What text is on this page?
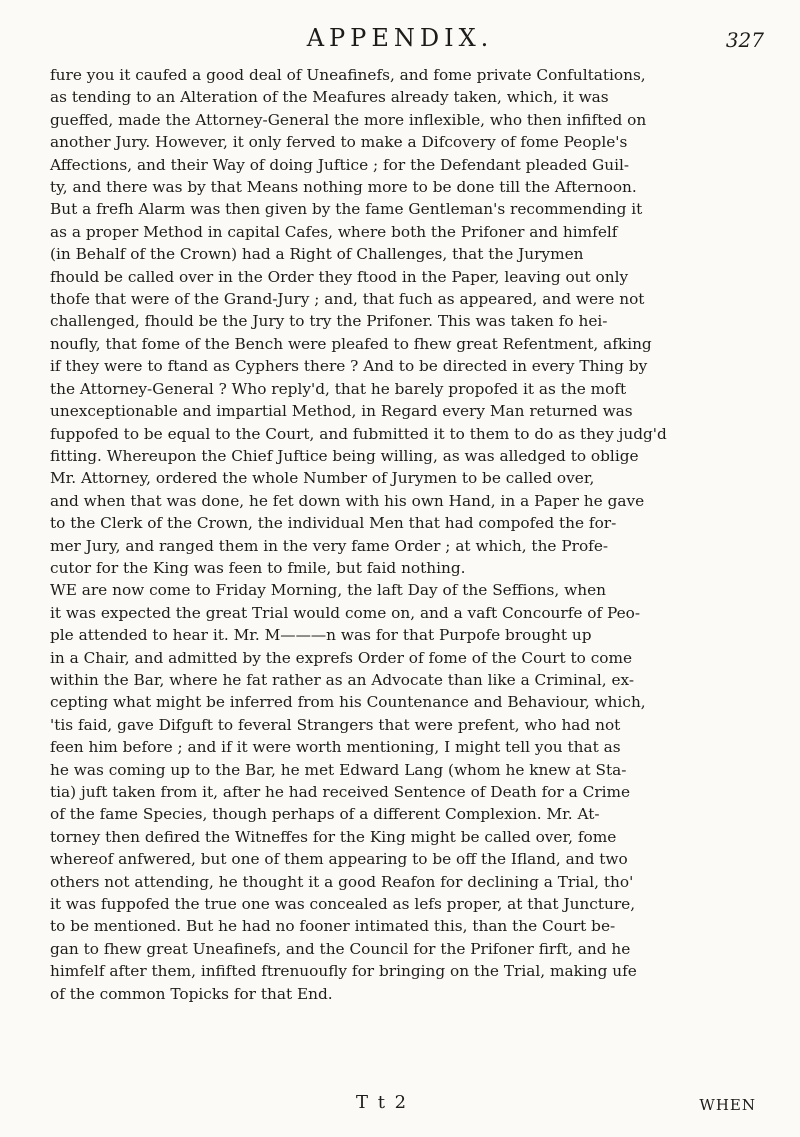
APPENDIX.	327
fure you it caufed a good deal of Uneafinefs, and fome private Confultations,
as tending to an Alteration of the Meafures already taken, which, it was
gueffed, made the Attorney-General the more inflexible, who then infifted on
another Jury. However, it only ferved to make a Difcovery of fome People's
Affections, and their Way of doing Juftice ; for the Defendant pleaded Guil-
ty, and there was by that Means nothing more to be done till the Afternoon.
But a frefh Alarm was then given by the fame Gentleman's recommending it
as a proper Method in capital Cafes, where both the Prifoner and himfelf
(in Behalf of the Crown) had a Right of Challenges, that the Jurymen
fhould be called over in the Order they ftood in the Paper, leaving out only
thofe that were of the Grand-Jury ; and, that fuch as appeared, and were not
challenged, fhould be the Jury to try the Prifoner. This was taken fo hei-
noufly, that fome of the Bench were pleafed to fhew great Refentment, afking
if they were to ftand as Cyphers there ? And to be directed in every Thing by
the Attorney-General ? Who reply'd, that he barely propofed it as the moft
unexceptionable and impartial Method, in Regard every Man returned was
fuppofed to be equal to the Court, and fubmitted it to them to do as they judg'd
fitting. Whereupon the Chief Juftice being willing, as was alledged to oblige
Mr. Attorney, ordered the whole Number of Jurymen to be called over,
and when that was done, he fet down with his own Hand, in a Paper he gave
to the Clerk of the Crown, the individual Men that had compofed the for-
mer Jury, and ranged them in the very fame Order ; at which, the Profe-
cutor for the King was feen to fmile, but faid nothing.
WE are now come to Friday Morning, the laft Day of the Seffions, when
it was expected the great Trial would come on, and a vaft Concourfe of Peo-
ple attended to hear it. Mr. M———n was for that Purpofe brought up
in a Chair, and admitted by the exprefs Order of fome of the Court to come
within the Bar, where he fat rather as an Advocate than like a Criminal, ex-
cepting what might be inferred from his Countenance and Behaviour, which,
'tis faid, gave Difguft to feveral Strangers that were prefent, who had not
feen him before ; and if it were worth mentioning, I might tell you that as
he was coming up to the Bar, he met Edward Lang (whom he knew at Sta-
tia) juft taken from it, after he had received Sentence of Death for a Crime
of the fame Species, though perhaps of a different Complexion. Mr. At-
torney then defired the Witneffes for the King might be called over, fome
whereof anfwered, but one of them appearing to be off the Ifland, and two
others not attending, he thought it a good Reafon for declining a Trial, tho'
it was fuppofed the true one was concealed as lefs proper, at that Juncture,
to be mentioned. But he had no fooner intimated this, than the Court be-
gan to fhew great Uneafinefs, and the Council for the Prifoner firft, and he
himfelf after them, infifted ftrenuoufly for bringing on the Trial, making ufe
of the common Topicks for that End.
T t 2	WHEN
